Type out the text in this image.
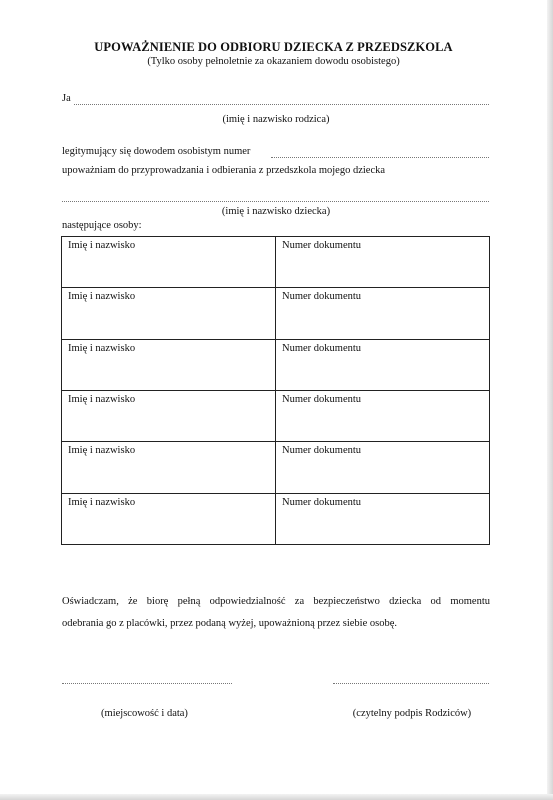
UPOWAŻNIENIE DO ODBIORU DZIECKA Z PRZEDSZKOLA
(Tylko osoby pełnoletnie za okazaniem dowodu osobistego)
Ja
(imię i nazwisko rodzica)
legitymujący się dowodem osobistym numer
upoważniam do przyprowadzania i odbierania z przedszkola mojego dziecka
(imię i nazwisko dziecka)
następujące osoby:
Imię i nazwisko	Numer dokumentu
Imię i nazwisko	Numer dokumentu
Imię i nazwisko	Numer dokumentu
Imię i nazwisko	Numer dokumentu
Imię i nazwisko	Numer dokumentu
Imię i nazwisko	Numer dokumentu
Oświadczam, że biorę pełną odpowiedzialność za bezpieczeństwo dziecka od momentu
odebrania go z placówki, przez podaną wyżej, upoważnioną przez siebie osobę.
(miejscowość i data)	(czytelny podpis Rodziców)
